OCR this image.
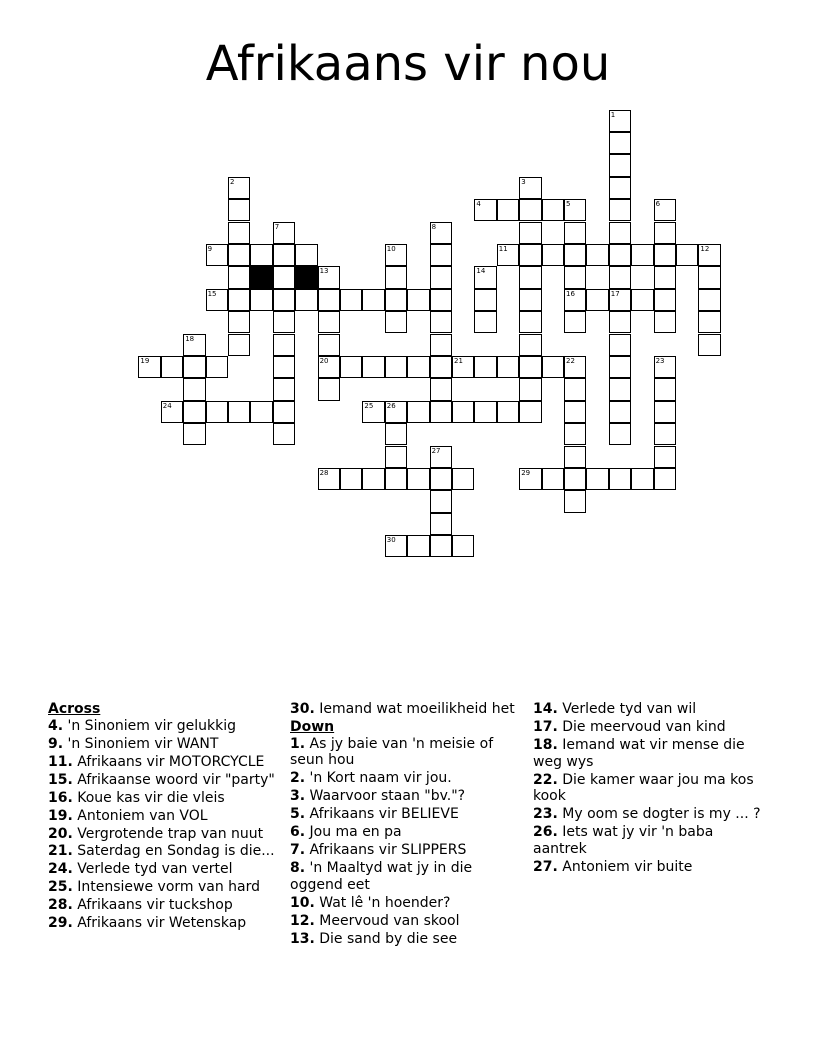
Afrikaans vir nou
4
9	11	12
15	16	17
19	20	21	22
24	25 26
28	29
30
1
2	3
5	6
7	8
10
13	14
18
23
27
Across
4. 'n Sinoniem vir gelukkig
9. 'n Sinoniem vir WANT
11. Afrikaans vir MOTORCYCLE
15. Afrikaanse woord vir "party"
16. Koue kas vir die vleis
19. Antoniem van VOL
20. Vergrotende trap van nuut
21. Saterdag en Sondag is die...
24. Verlede tyd van vertel
25. Intensiewe vorm van hard
28. Afrikaans vir tuckshop
29. Afrikaans vir Wetenskap
30. Iemand wat moeilikheid het
Down
1. As jy baie van 'n meisie of seun hou
2. 'n Kort naam vir jou.
3. Waarvoor staan "bv."?
5. Afrikaans vir BELIEVE
6. Jou ma en pa
7. Afrikaans vir SLIPPERS
8. 'n Maaltyd wat jy in die oggend eet
10. Wat lê 'n hoender?
12. Meervoud van skool
13. Die sand by die see
14. Verlede tyd van wil
17. Die meervoud van kind
18. Iemand wat vir mense die weg wys
22. Die kamer waar jou ma kos kook
23. My oom se dogter is my ... ?
26. Iets wat jy vir 'n baba aantrek
27. Antoniem vir buite
